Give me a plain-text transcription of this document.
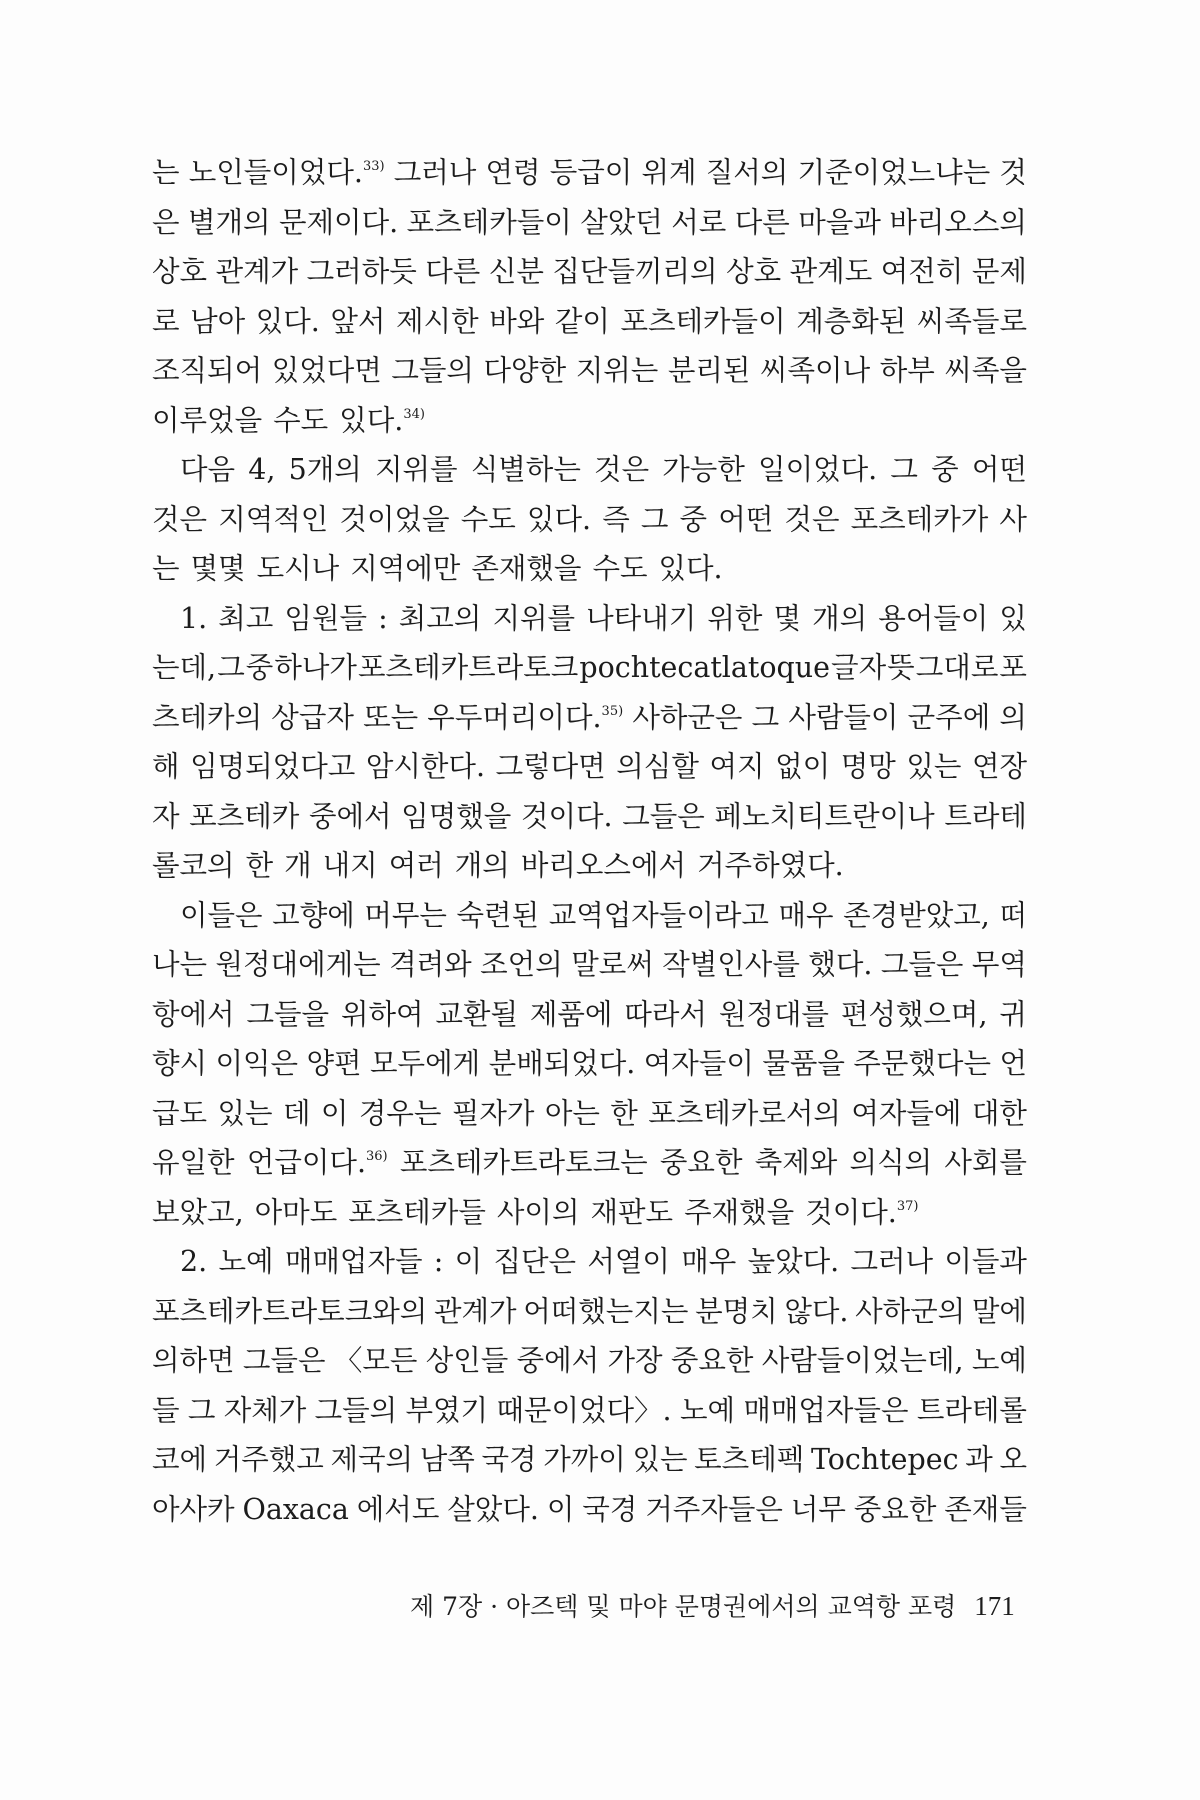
는 노인들이었다.$^{33)}$ 그러나 연령 등급이 위계 질서의 기준이었느냐는 것
은 별개의 문제이다. 포츠테카들이 살았던 서로 다른 마을과 바리오스의
상호 관계가 그러하듯 다른 신분 집단들끼리의 상호 관계도 여전히 문제
로 남아 있다. 앞서 제시한 바와 같이 포츠테카들이 계층화된 씨족들로
조직되어 있었다면 그들의 다양한 지위는 분리된 씨족이나 하부 씨족을
이루었을 수도 있다.$^{34)}$
다음 4, 5개의 지위를 식별하는 것은 가능한 일이었다. 그 중 어떤
것은 지역적인 것이었을 수도 있다. 즉 그 중 어떤 것은 포츠테카가 사
는 몇몇 도시나 지역에만 존재했을 수도 있다.
1. 최고 임원들 : 최고의 지위를 나타내기 위한 몇 개의 용어들이 있
는데, 그 중 하나가 포츠테카트라토크 pochtecatlatoque 글자 뜻 그대로 포
츠테카의 상급자 또는 우두머리이다.$^{35)}$ 사하군은 그 사람들이 군주에 의
해 임명되었다고 암시한다. 그렇다면 의심할 여지 없이 명망 있는 연장
자 포츠테카 중에서 임명했을 것이다. 그들은 페노치티트란이나 트라테
롤코의 한 개 내지 여러 개의 바리오스에서 거주하였다.
이들은 고향에 머무는 숙련된 교역업자들이라고 매우 존경받았고, 떠
나는 원정대에게는 격려와 조언의 말로써 작별인사를 했다. 그들은 무역
항에서 그들을 위하여 교환될 제품에 따라서 원정대를 편성했으며, 귀
향시 이익은 양편 모두에게 분배되었다. 여자들이 물품을 주문했다는 언
급도 있는 데 이 경우는 필자가 아는 한 포츠테카로서의 여자들에 대한
유일한 언급이다.$^{36)}$ 포츠테카트라토크는 중요한 축제와 의식의 사회를
보았고, 아마도 포츠테카들 사이의 재판도 주재했을 것이다.$^{37)}$
2. 노예 매매업자들 : 이 집단은 서열이 매우 높았다. 그러나 이들과
포츠테카트라토크와의 관계가 어떠했는지는 분명치 않다. 사하군의 말에
의하면 그들은 〈모든 상인들 중에서 가장 중요한 사람들이었는데, 노예
들 그 자체가 그들의 부였기 때문이었다〉. 노예 매매업자들은 트라테롤
코에 거주했고 제국의 남쪽 국경 가까이 있는 토츠테펙 Tochtepec 과 오
아사카 Oaxaca 에서도 살았다. 이 국경 거주자들은 너무 중요한 존재들
제 7장 · 아즈텍 및 마야 문명권에서의 교역항 포령 171
